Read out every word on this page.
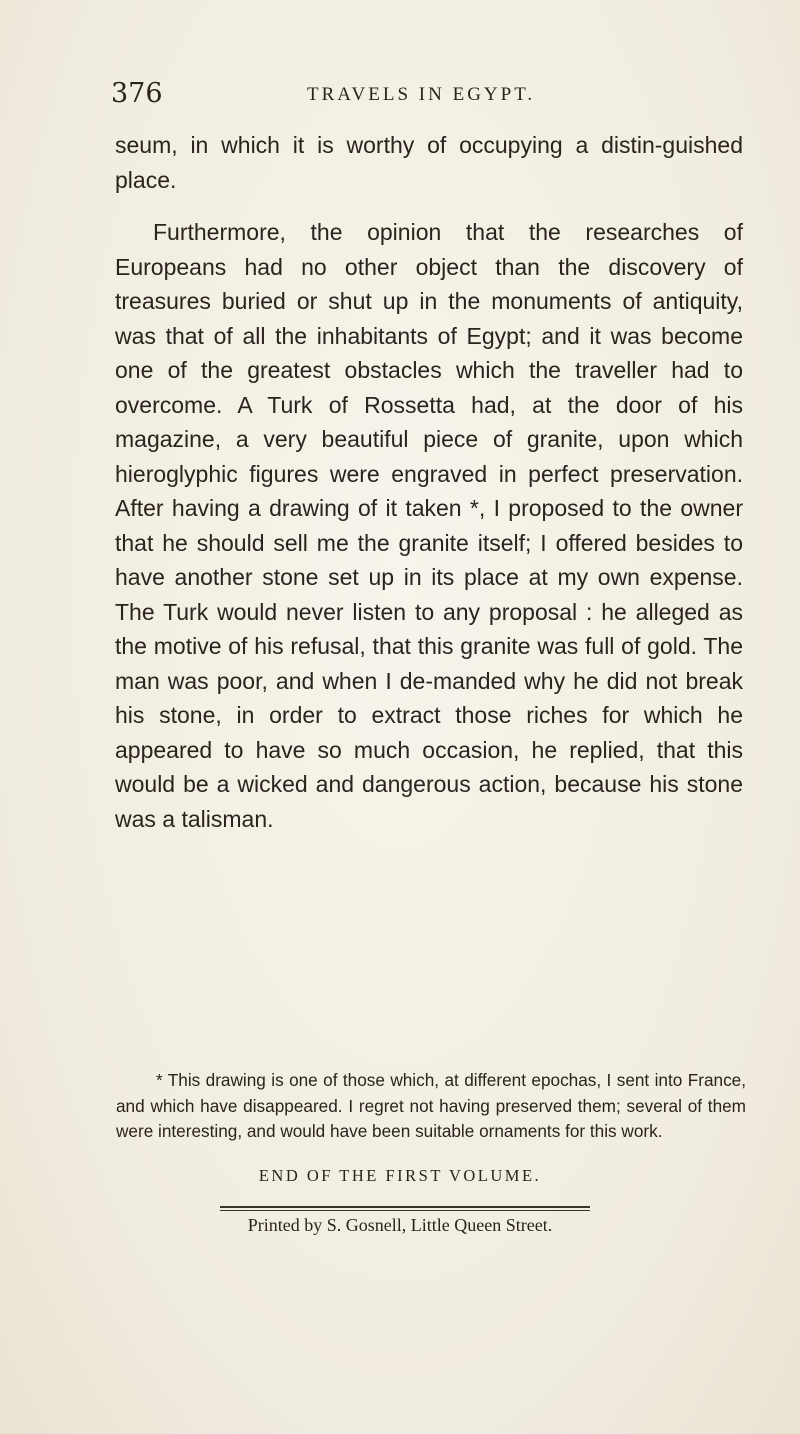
376	TRAVELS IN EGYPT.

seum, in which it is worthy of occupying a distin-guished place.

Furthermore, the opinion that the researches of Europeans had no other object than the discovery of treasures buried or shut up in the monuments of antiquity, was that of all the inhabitants of Egypt; and it was become one of the greatest obstacles which the traveller had to overcome. A Turk of Rossetta had, at the door of his magazine, a very beautiful piece of granite, upon which hieroglyphic figures were engraved in perfect preservation. After having a drawing of it taken *, I proposed to the owner that he should sell me the granite itself; I offered besides to have another stone set up in its place at my own expense. The Turk would never listen to any proposal : he alleged as the motive of his refusal, that this granite was full of gold. The man was poor, and when I de-manded why he did not break his stone, in order to extract those riches for which he appeared to have so much occasion, he replied, that this would be a wicked and dangerous action, because his stone was a talisman.

* This drawing is one of those which, at different epochas, I sent into France, and which have disappeared. I regret not having preserved them; several of them were interesting, and would have been suitable ornaments for this work.

END OF THE FIRST VOLUME.
Printed by S. Gosnell, Little Queen Street.
